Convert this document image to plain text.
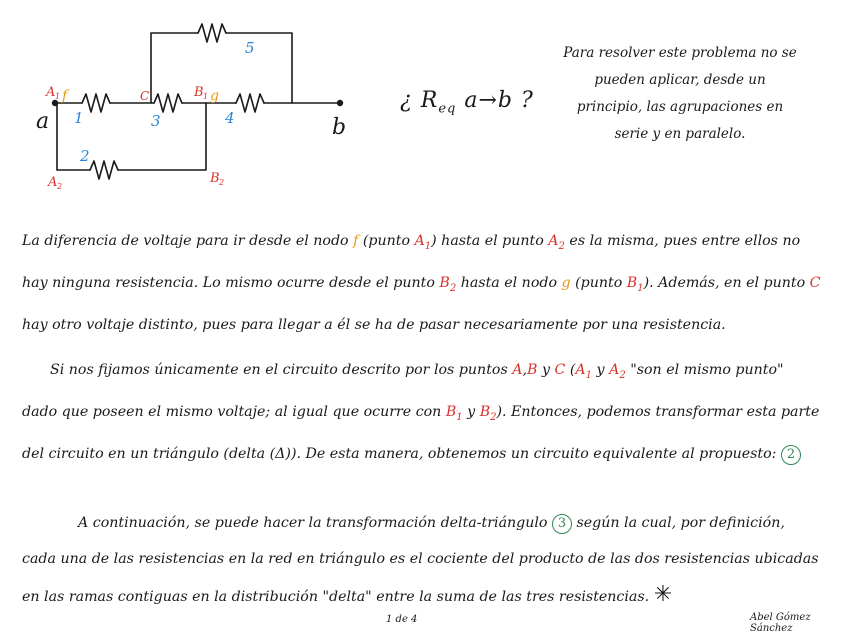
a	b
A 1 f
A 2
C	B 1 g
B 2
1
2
3	4
5
¿ $R_{eq}$ a→b ?
Para resolver este problema no se pueden aplicar, desde un principio, las agrupaciones en serie y en paralelo.
La diferencia de voltaje para ir desde el nodo f (punto $A_1$) hasta el punto $A_2$ es la misma, pues entre ellos no hay ninguna resistencia. Lo mismo ocurre desde el punto $B_2$ hasta el nodo g (punto $B_1$). Además, en el punto C hay otro voltaje distinto, pues para llegar a él se ha de pasar necesariamente por una resistencia.
Si nos fijamos únicamente en el circuito descrito por los puntos A,B y C ($A_1$ y $A_2$ "son el mismo punto" dado que poseen el mismo voltaje; al igual que ocurre con $B_1$ y $B_2$). Entonces, podemos transformar esta parte del circuito en un triángulo (delta (Δ)). De esta manera, obtenemos un circuito equivalente al propuesto: 2
A continuación, se puede hacer la transformación delta-triángulo 3 según la cual, por definición, cada una de las resistencias en la red en triángulo es el cociente del producto de las dos resistencias ubicadas en las ramas contiguas en la distribución "delta" entre la suma de las tres resistencias. ✳
1 de 4	Abel Gómez Sánchez
